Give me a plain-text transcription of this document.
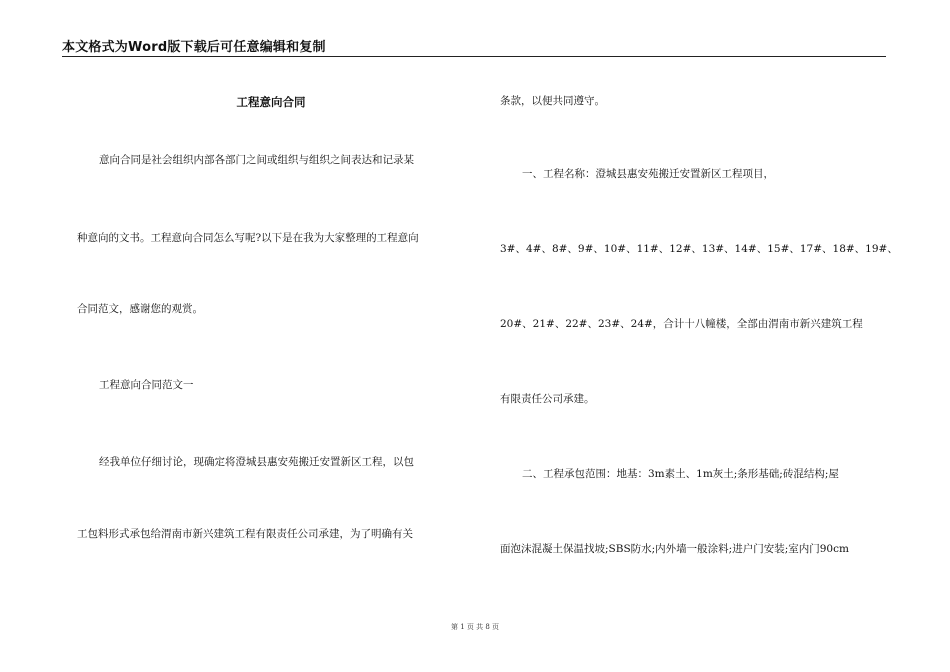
本文格式为Word版下载后可任意编辑和复制
工程意向合同
意向合同是社会组织内部各部门之间或组织与组织之间表达和记录某
种意向的文书。工程意向合同怎么写呢?以下是在我为大家整理的工程意向
合同范文，感谢您的观赏。
工程意向合同范文一
经我单位仔细讨论，现确定将澄城县惠安苑搬迁安置新区工程，以包
工包料形式承包给渭南市新兴建筑工程有限责任公司承建，为了明确有关
条款，以便共同遵守。
一、工程名称：澄城县惠安苑搬迁安置新区工程项目，
3#、4#、8#、9#、10#、11#、12#、13#、14#、15#、17#、18#、19#、
20#、21#、22#、23#、24#，合计十八幢楼，全部由渭南市新兴建筑工程
有限责任公司承建。
二、工程承包范围：地基：3m素土、1m灰土;条形基础;砖混结构;屋
面泡沫混凝土保温找坡;SBS防水;内外墙一般涂料;进户门安装;室内门90cm
第 1 页 共 8 页
